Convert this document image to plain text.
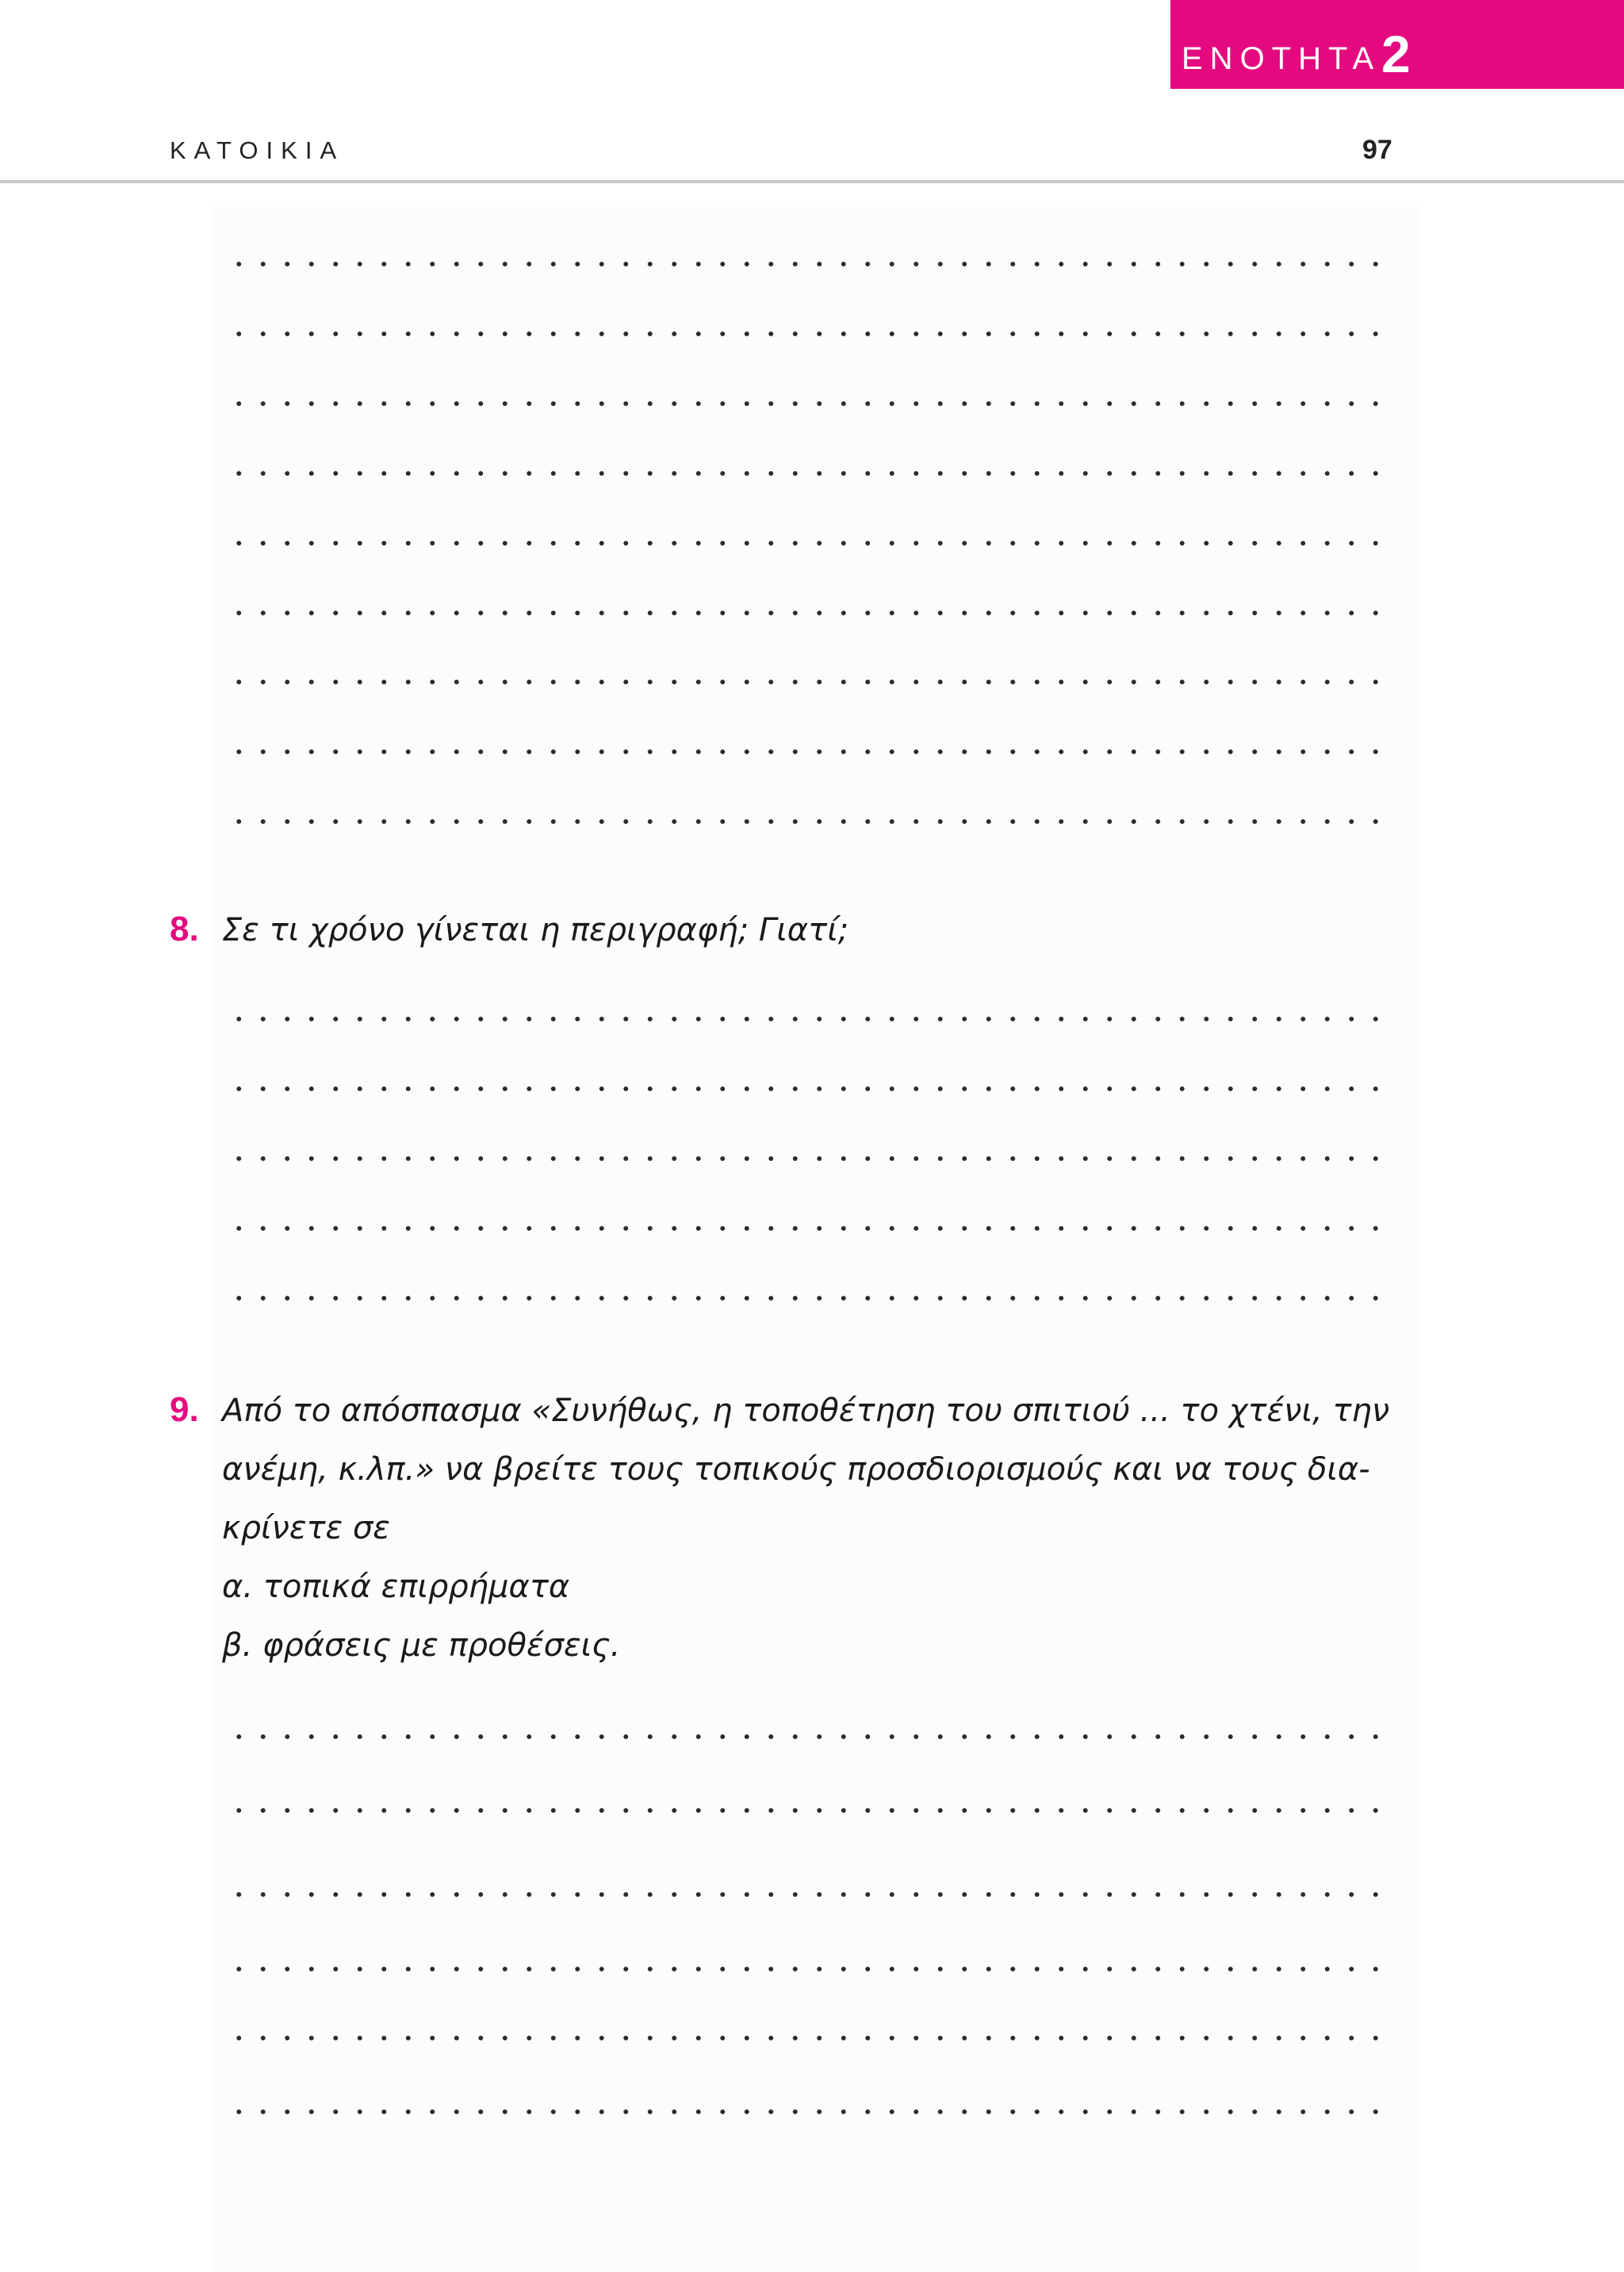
ΕΝΟΤΗΤΑ 2
ΚΑΤΟΙΚΙΑ	97
8. Σε τι χρόνο γίνεται η περιγραφή; Γιατί;
9. Από το απόσπασμα «Συνήθως, η τοποθέτηση του σπιτιού ... το χτένι, την
ανέμη, κ.λπ.» να βρείτε τους τοπικούς προσδιορισμούς και να τους δια-
κρίνετε σε
α. τοπικά επιρρήματα
β. φράσεις με προθέσεις.
